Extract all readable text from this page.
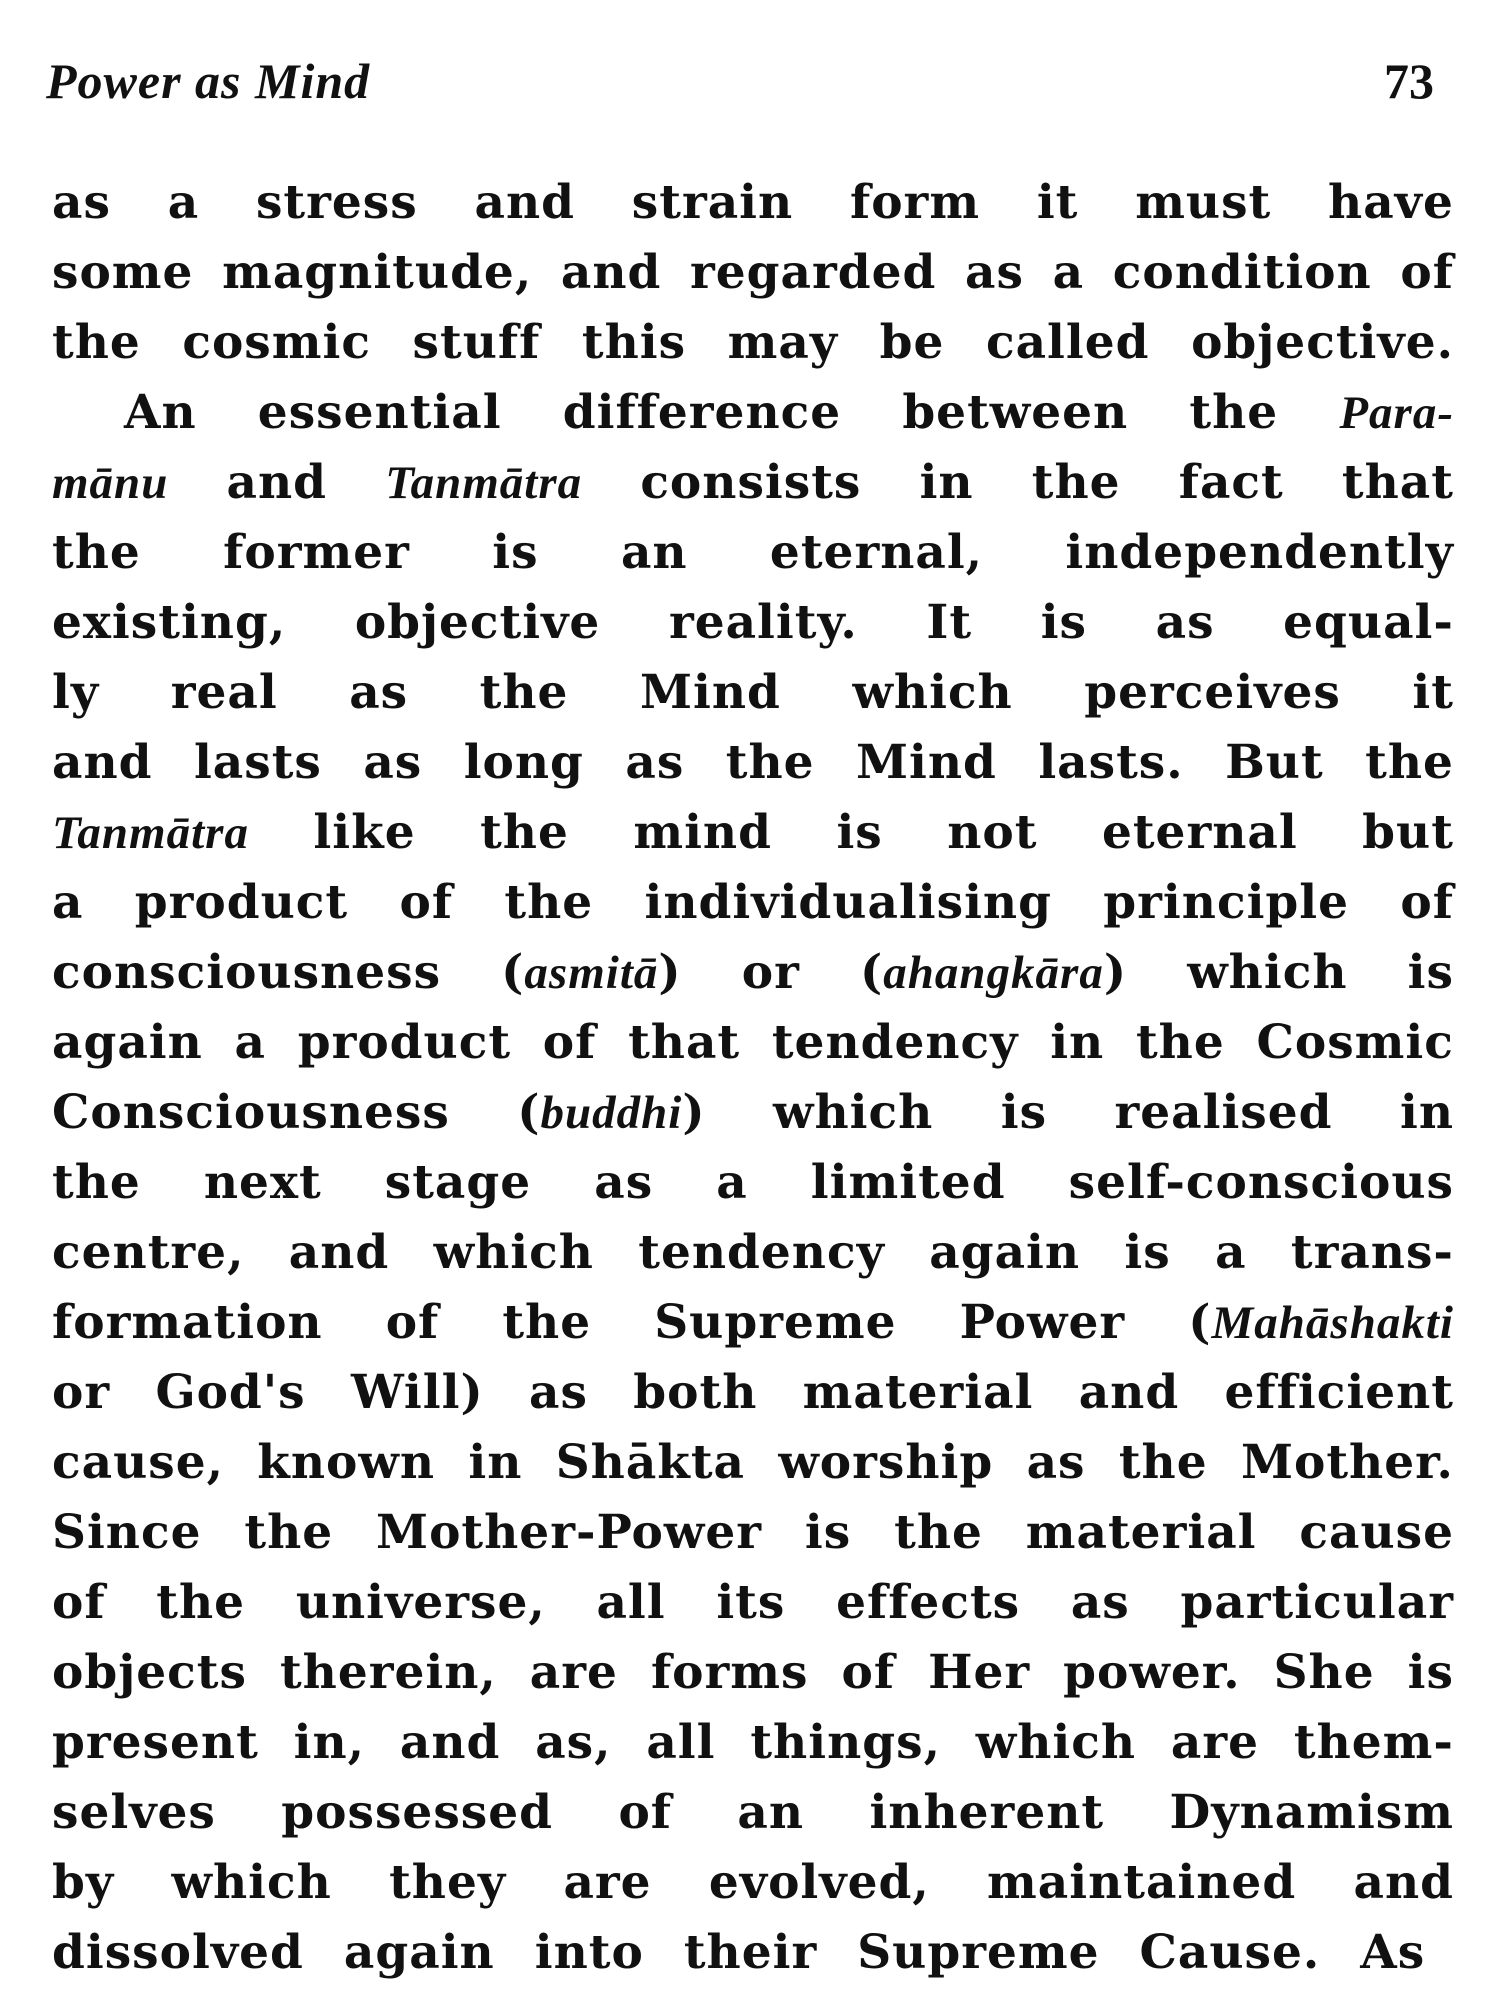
Power as Mind	73
as a stress and strain form it must have
some magnitude, and regarded as a condition of
the cosmic stuff this may be called objective.
An essential difference between the Para-
mānu and Tanmātra consists in the fact that
the former is an eternal, independently
existing, objective reality. It is as equal-
ly real as the Mind which perceives it
and lasts as long as the Mind lasts. But the
Tanmātra like the mind is not eternal but
a product of the individualising principle of
consciousness (asmitā) or (ahangkāra) which is
again a product of that tendency in the Cosmic
Consciousness (buddhi) which is realised in
the next stage as a limited self-conscious
centre, and which tendency again is a trans-
formation of the Supreme Power (Mahāshakti
or God's Will) as both material and efficient
cause, known in Shākta worship as the Mother.
Since the Mother-Power is the material cause
of the universe, all its effects as particular
objects therein, are forms of Her power. She is
present in, and as, all things, which are them-
selves possessed of an inherent Dynamism
by which they are evolved, maintained and
dissolved again into their Supreme Cause. As
